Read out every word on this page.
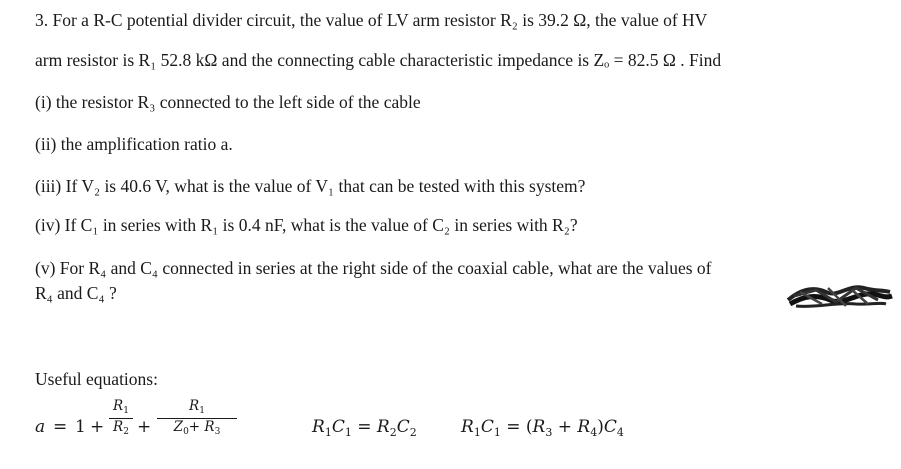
3. For a R-C potential divider circuit, the value of LV arm resistor R₂ is 39.2 Ω, the value of HV

arm resistor is R₁ 52.8 kΩ and the connecting cable characteristic impedance is Zₒ = 82.5 Ω . Find

(i) the resistor R₃ connected to the left side of the cable

(ii) the amplification ratio a.

(iii) If V₂ is 40.6 V, what is the value of V₁ that can be tested with this system?

(iv) If C₁ in series with R₁ is 0.4 nF, what is the value of C₂ in series with R₂?

(v) For R₄ and C₄ connected in series at the right side of the coaxial cable, what are the values of

R₄ and C₄ ?

Useful equations:

a = 1 +
$R_1$
$R_2$ +
$R_1$
$Z_0+ R_3$	$R_1C_1 = R_2C_2$	$R_1C_1 = (R_3 + R_4)C_4$
